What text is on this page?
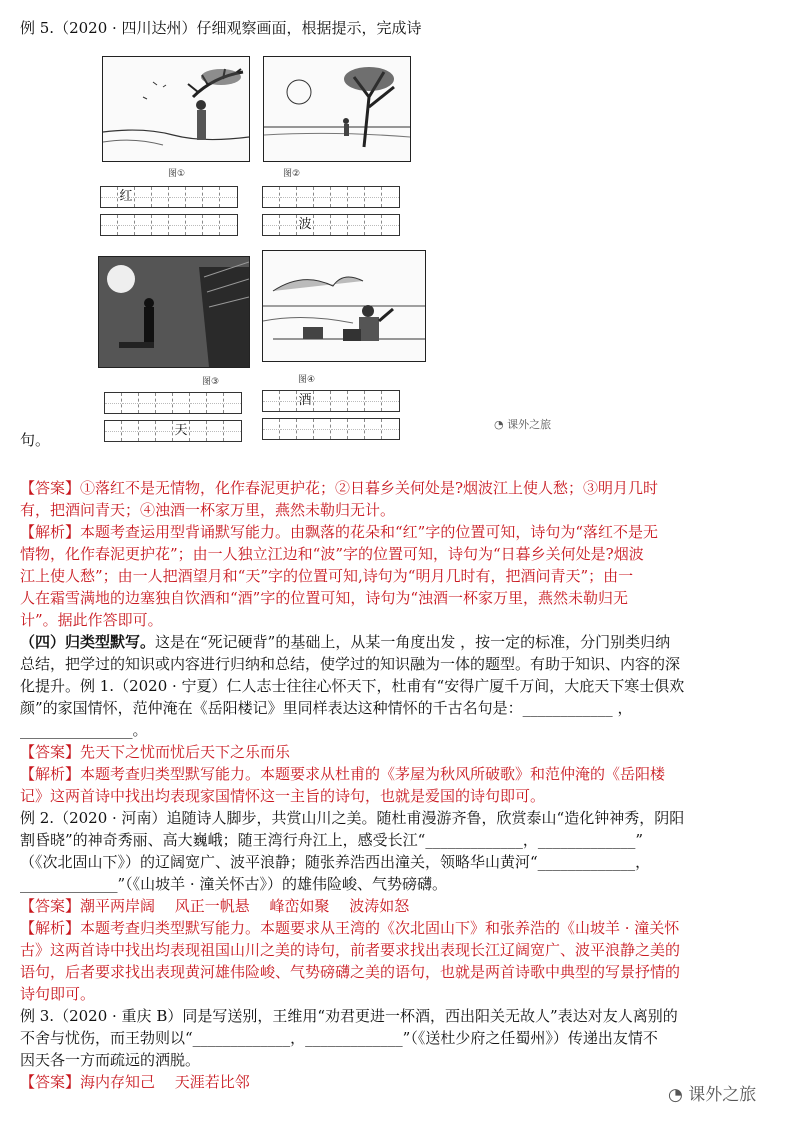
例 5.（2020 · 四川达州）仔细观察画面，根据提示，完成诗
图①	图②
红
波
图③	图④
天
酒
◔ 课外之旅
句。
【答案】①落红不是无情物，化作春泥更护花；②日暮乡关何处是?烟波江上使人愁；③明月几时
有，把酒问青天；④浊酒一杯家万里，燕然未勒归无计。
【解析】本题考查运用型背诵默写能力。由飘落的花朵和“红”字的位置可知，诗句为“落红不是无
情物，化作春泥更护花”；由一人独立江边和“波”字的位置可知，诗句为“日暮乡关何处是?烟波
江上使人愁”；由一人把酒望月和“天”字的位置可知,诗句为“明月几时有，把酒问青天”；由一
人在霜雪满地的边塞独自饮酒和“酒”字的位置可知，诗句为“浊酒一杯家万里，燕然未勒归无
计”。据此作答即可。
（四）归类型默写。这是在“死记硬背”的基础上，从某一角度出发 ，按一定的标准，分门别类归纳
总结，把学过的知识或内容进行归纳和总结，使学过的知识融为一体的题型。有助于知识、内容的深
化提升。例 1.（2020 · 宁夏）仁人志士往往心怀天下，杜甫有“安得广厦千万间，大庇天下寒士俱欢
颜”的家国情怀，范仲淹在《岳阳楼记》里同样表达这种情怀的千古名句是：____________ ，
_______________。
【答案】先天下之忧而忧后天下之乐而乐
【解析】本题考查归类型默写能力。本题要求从杜甫的《茅屋为秋风所破歌》和范仲淹的《岳阳楼
记》这两首诗中找出均表现家国情怀这一主旨的诗句，也就是爱国的诗句即可。
例 2.（2020 · 河南）追随诗人脚步，共赏山川之美。随杜甫漫游齐鲁，欣赏泰山“造化钟神秀，阴阳
割昏晓”的神奇秀丽、高大巍峨；随王湾行舟江上，感受长江“_____________，_____________”
（《次北固山下》）的辽阔宽广、波平浪静；随张养浩西出潼关，领略华山黄河“_____________，
_____________”（《山坡羊 · 潼关怀古》）的雄伟险峻、气势磅礴。
【答案】潮平两岸阔　 风正一帆悬　 峰峦如聚　 波涛如怒
【解析】本题考查归类型默写能力。本题要求从王湾的《次北固山下》和张养浩的《山坡羊 · 潼关怀
古》这两首诗中找出均表现祖国山川之美的诗句，前者要求找出表现长江辽阔宽广、波平浪静之美的
语句，后者要求找出表现黄河雄伟险峻、气势磅礴之美的语句，也就是两首诗歌中典型的写景抒情的
诗句即可。
例 3.（2020 · 重庆 B）同是写送别，王维用“劝君更进一杯酒，西出阳关无故人”表达对友人离别的
不舍与忧伤，而王勃则以“_____________，_____________”（《送杜少府之任蜀州》）传递出友情不
因天各一方而疏远的洒脱。
【答案】海内存知己　 天涯若比邻
◔ 课外之旅
